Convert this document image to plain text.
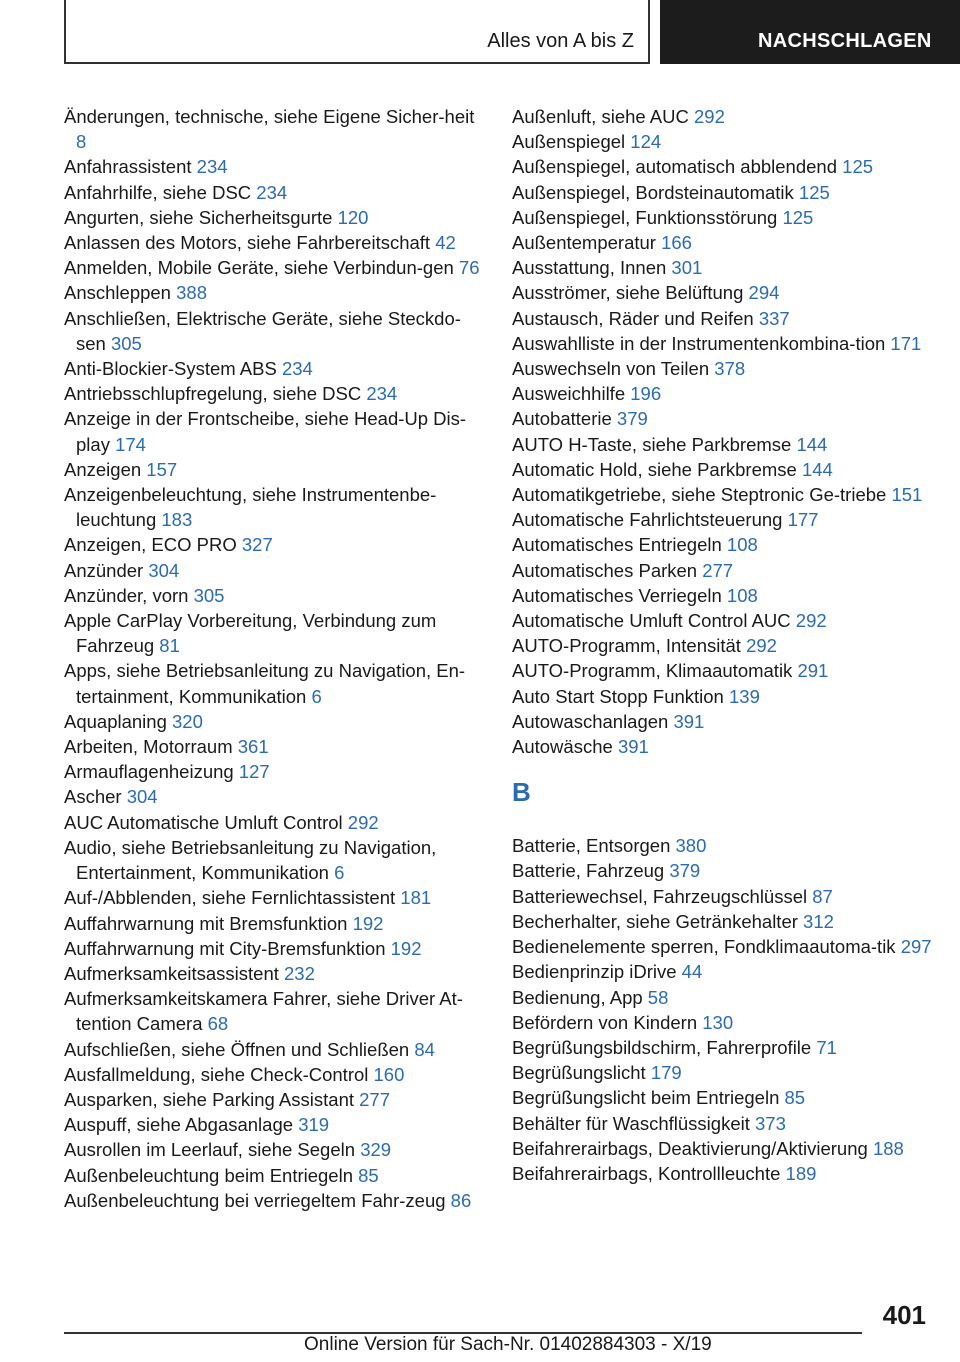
Alles von A bis Z	NACHSCHLAGEN
Änderungen, technische, siehe Eigene Sicher‐heit 8
Anfahrassistent 234
Anfahrhilfe, siehe DSC 234
Angurten, siehe Sicherheitsgurte 120
Anlassen des Motors, siehe Fahrbereitschaft 42
Anmelden, Mobile Geräte, siehe Verbindun‐gen 76
Anschleppen 388
Anschließen, Elektrische Geräte, siehe Steckdo‐sen 305
Anti-Blockier-System ABS 234
Antriebsschlupfregelung, siehe DSC 234
Anzeige in der Frontscheibe, siehe Head-Up Dis‐play 174
Anzeigen 157
Anzeigenbeleuchtung, siehe Instrumentenbe‐leuchtung 183
Anzeigen, ECO PRO 327
Anzünder 304
Anzünder, vorn 305
Apple CarPlay Vorbereitung, Verbindung zum Fahrzeug 81
Apps, siehe Betriebsanleitung zu Navigation, En‐tertainment, Kommunikation 6
Aquaplaning 320
Arbeiten, Motorraum 361
Armauflagenheizung 127
Ascher 304
AUC Automatische Umluft Control 292
Audio, siehe Betriebsanleitung zu Navigation, Entertainment, Kommunikation 6
Auf-/Abblenden, siehe Fernlichtassistent 181
Auffahrwarnung mit Bremsfunktion 192
Auffahrwarnung mit City-Bremsfunktion 192
Aufmerksamkeitsassistent 232
Aufmerksamkeitskamera Fahrer, siehe Driver At‐tention Camera 68
Aufschließen, siehe Öffnen und Schließen 84
Ausfallmeldung, siehe Check-Control 160
Ausparken, siehe Parking Assistant 277
Auspuff, siehe Abgasanlage 319
Ausrollen im Leerlauf, siehe Segeln 329
Außenbeleuchtung beim Entriegeln 85
Außenbeleuchtung bei verriegeltem Fahr‐zeug 86
Außenluft, siehe AUC 292
Außenspiegel 124
Außenspiegel, automatisch abblendend 125
Außenspiegel, Bordsteinautomatik 125
Außenspiegel, Funktionsstörung 125
Außentemperatur 166
Ausstattung, Innen 301
Ausströmer, siehe Belüftung 294
Austausch, Räder und Reifen 337
Auswahlliste in der Instrumentenkombina‐tion 171
Auswechseln von Teilen 378
Ausweichhilfe 196
Autobatterie 379
AUTO H-Taste, siehe Parkbremse 144
Automatic Hold, siehe Parkbremse 144
Automatikgetriebe, siehe Steptronic Ge‐triebe 151
Automatische Fahrlichtsteuerung 177
Automatisches Entriegeln 108
Automatisches Parken 277
Automatisches Verriegeln 108
Automatische Umluft Control AUC 292
AUTO-Programm, Intensität 292
AUTO-Programm, Klimaautomatik 291
Auto Start Stopp Funktion 139
Autowaschanlagen 391
Autowäsche 391
B
Batterie, Entsorgen 380
Batterie, Fahrzeug 379
Batteriewechsel, Fahrzeugschlüssel 87
Becherhalter, siehe Getränkehalter 312
Bedienelemente sperren, Fondklimaautoma‐tik 297
Bedienprinzip iDrive 44
Bedienung, App 58
Befördern von Kindern 130
Begrüßungsbildschirm, Fahrerprofile 71
Begrüßungslicht 179
Begrüßungslicht beim Entriegeln 85
Behälter für Waschflüssigkeit 373
Beifahrerairbags, Deaktivierung/Aktivierung 188
Beifahrerairbags, Kontrollleuchte 189
401
Online Version für Sach-Nr. 01402884303 - X/19
